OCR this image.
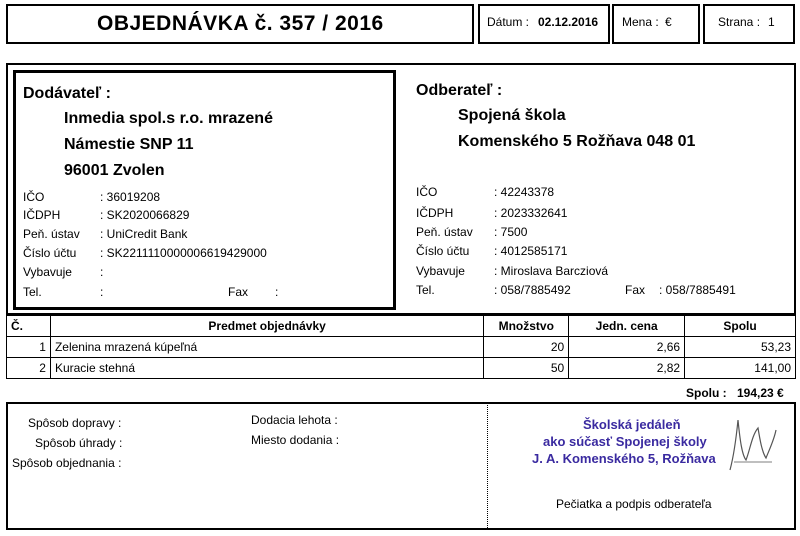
OBJEDNÁVKA č. 357 / 2016	Dátum : 02.12.2016 Mena : €	Strana : 1
Dodávateľ :
Inmedia spol.s r.o. mrazené
Námestie SNP 11
96001 Zvolen
IČO	: 36019208
IČDPH	: SK2020066829
Peň. ústav : UniCredit Bank
Číslo účtu : SK2211110000006619429000
Vybavuje :
Tel.	:	Fax :
Odberateľ :
Spojená škola
Komenského 5 Rožňava 048 01
IČO	: 42243378
IČDPH	: 2023332641
Peň. ústav : 7500
Číslo účtu : 4012585171
Vybavuje : Miroslava Barcziová
Tel.	: 058/7885492	Fax : 058/7885491
Č.	Predmet objednávky	Množstvo	Jedn. cena	Spolu
1	Zelenina mrazená kúpeľná	20	2,66	53,23
2	Kuracie stehná	50	2,82	141,00
Spolu : 194,23 €
Spôsob dopravy :
Spôsob úhrady :
Spôsob objednania :
Dodacia lehota :
Miesto dodania :
Školská jedáleň
ako súčasť Spojenej školy
J. A. Komenského 5, Rožňava
Pečiatka a podpis odberateľa
